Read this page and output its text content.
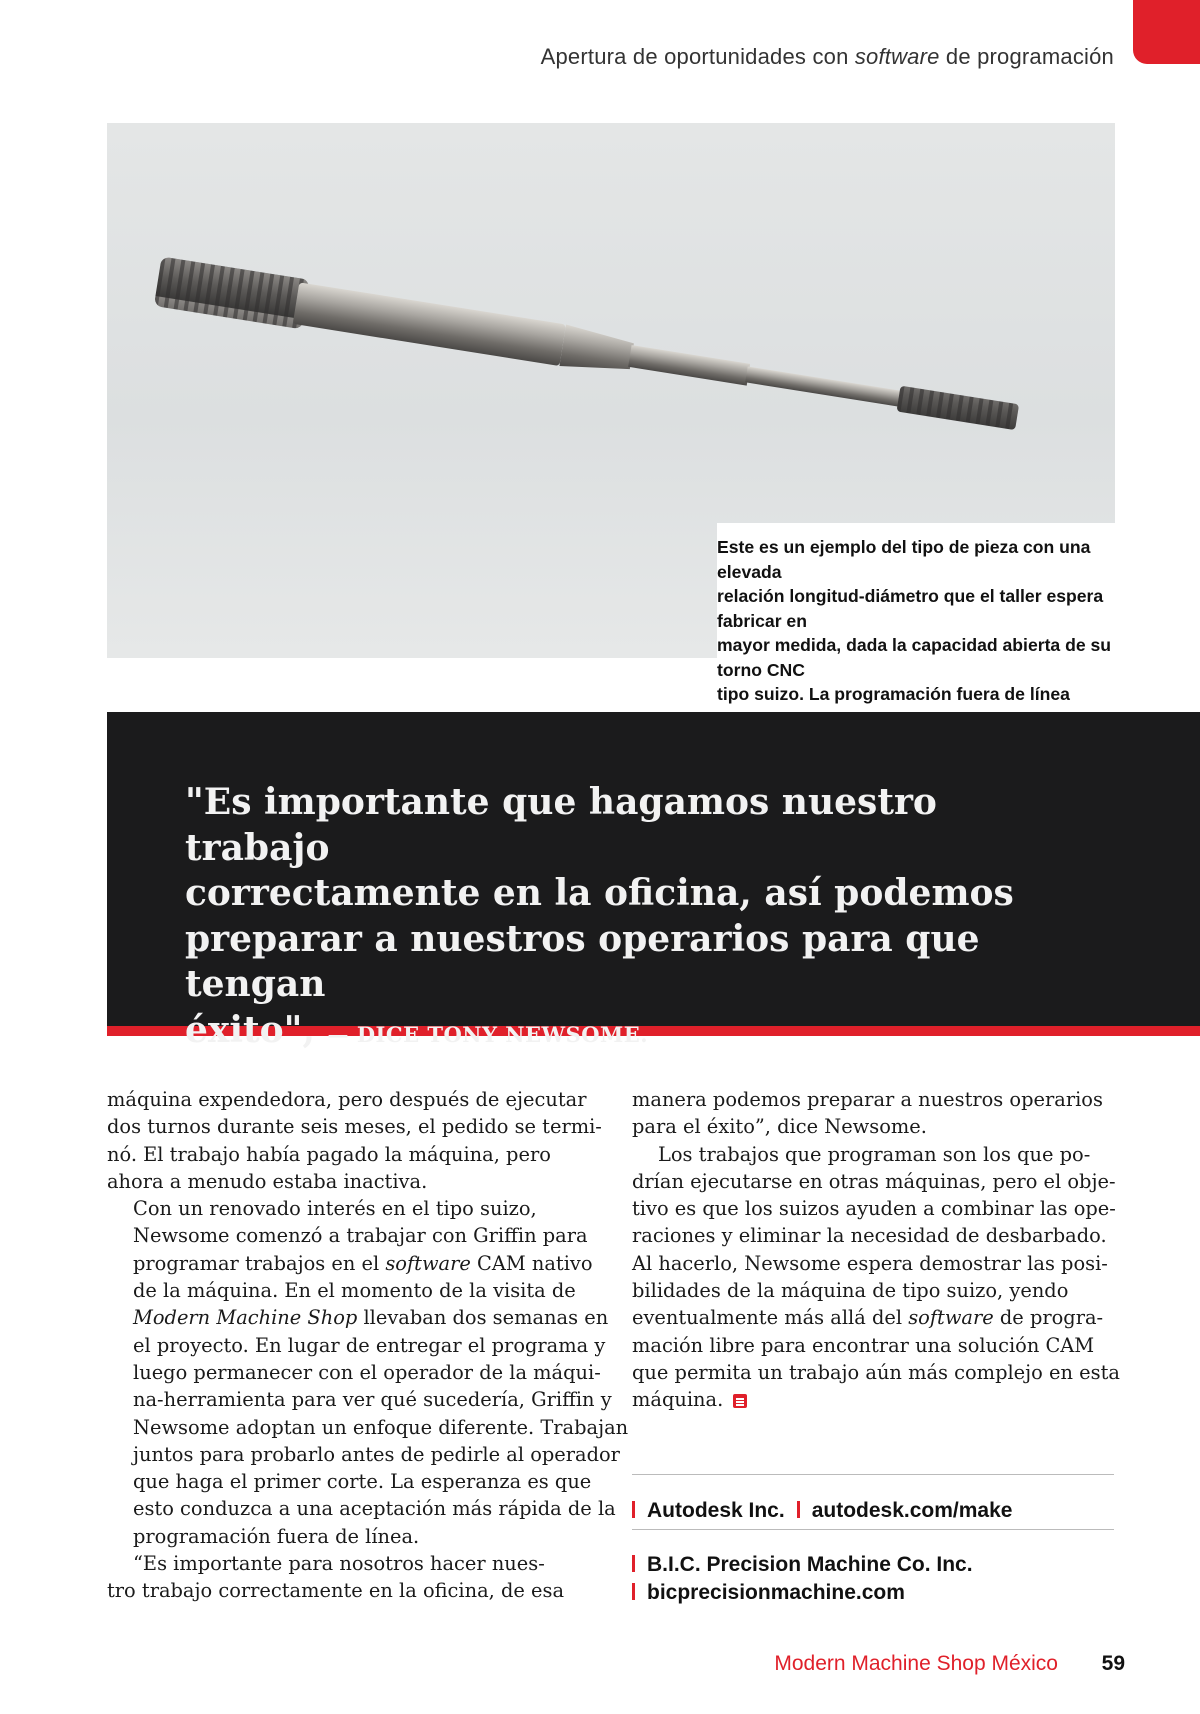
Apertura de oportunidades con software de programación
Este es un ejemplo del tipo de pieza con una elevada
relación longitud-diámetro que el taller espera fabricar en
mayor medida, dada la capacidad abierta de su torno CNC
tipo suizo. La programación fuera de línea
"Es importante que hagamos nuestro trabajo
correctamente en la oficina, así podemos
preparar a nuestros operarios para que tengan
éxito", — DICE TONY NEWSOME.

máquina expendedora, pero después de ejecutar
dos turnos durante seis meses, el pedido se termi-
nó. El trabajo había pagado la máquina, pero
ahora a menudo estaba inactiva.

Con un renovado interés en el tipo suizo,
Newsome comenzó a trabajar con Griffin para
programar trabajos en el software CAM nativo
de la máquina. En el momento de la visita de
Modern Machine Shop llevaban dos semanas en
el proyecto. En lugar de entregar el programa y
luego permanecer con el operador de la máqui-
na-herramienta para ver qué sucedería, Griffin y
Newsome adoptan un enfoque diferente. Trabajan
juntos para probarlo antes de pedirle al operador
que haga el primer corte. La esperanza es que
esto conduzca a una aceptación más rápida de la
programación fuera de línea.

“Es importante para nosotros hacer nues-
tro trabajo correctamente en la oficina, de esa

manera podemos preparar a nuestros operarios
para el éxito”, dice Newsome.

Los trabajos que programan son los que po-
drían ejecutarse en otras máquinas, pero el obje-
tivo es que los suizos ayuden a combinar las ope-
raciones y eliminar la necesidad de desbarbado.
Al hacerlo, Newsome espera demostrar las posi-
bilidades de la máquina de tipo suizo, yendo
eventualmente más allá del software de progra-
mación libre para encontrar una solución CAM
que permita un trabajo aún más complejo en esta
máquina.

Autodesk Inc. autodesk.com/make
B.I.C. Precision Machine Co. Inc.
bicprecisionmachine.com
Modern Machine Shop México 59
